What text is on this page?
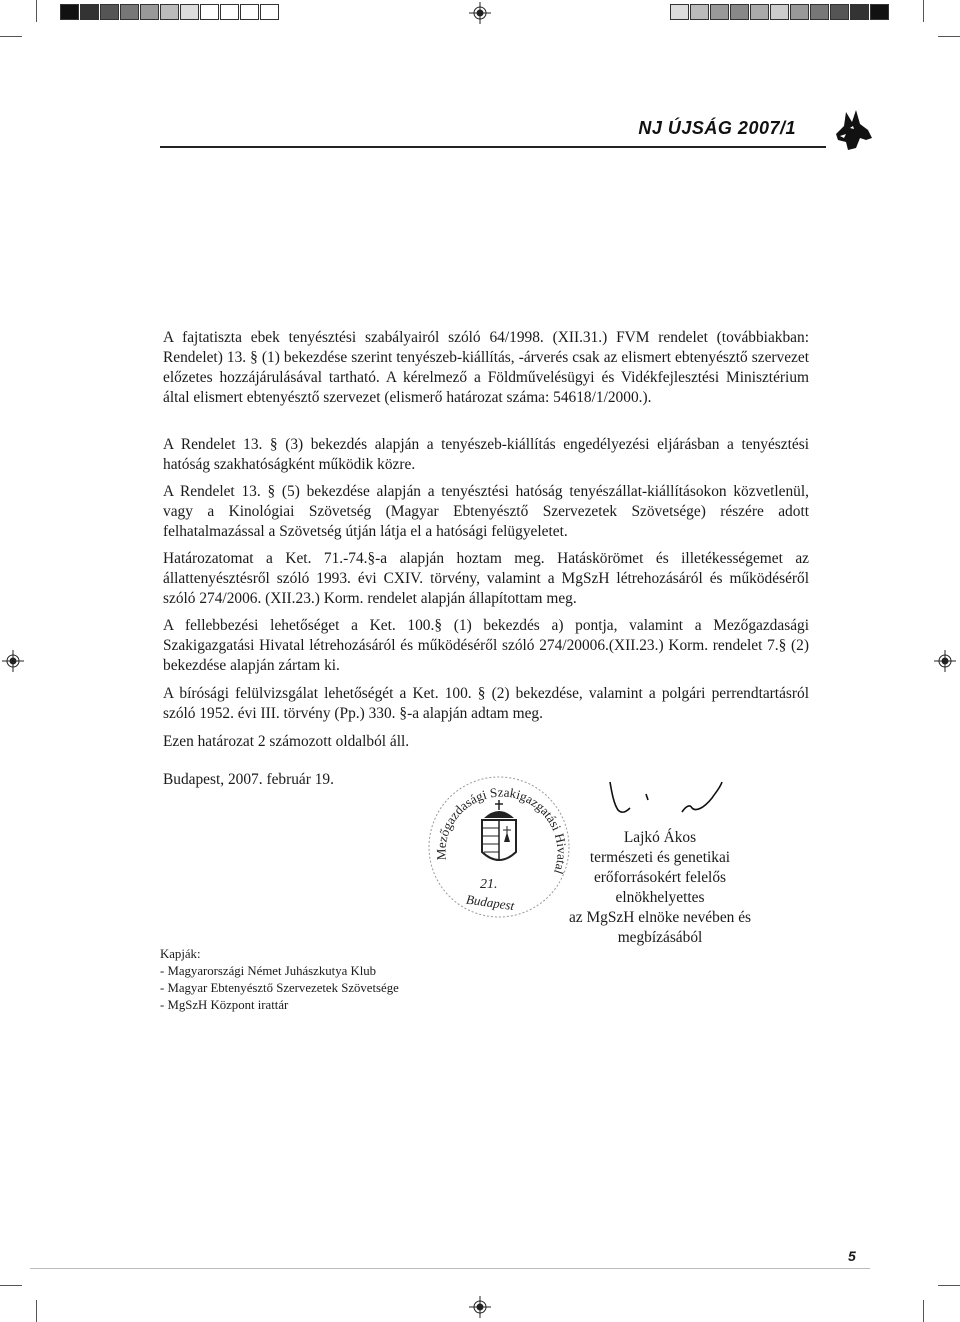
NJ ÚJSÁG 2007/1

A fajtatiszta ebek tenyésztési szabályairól szóló 64/1998. (XII.31.) FVM rendelet (továbbiakban: Rendelet) 13. § (1) bekezdése szerint tenyészeb-kiállítás, -árverés csak az elismert ebtenyésztő szervezet előzetes hozzájárulásával tartható. A kérelmező a Földművelésügyi és Vidékfejlesztési Minisztérium által elismert ebtenyésztő szervezet (elismerő határozat száma: 54618/1/2000.).

A Rendelet 13. § (3) bekezdés alapján a tenyészeb-kiállítás engedélyezési eljárásban a tenyésztési hatóság szakhatóságként működik közre.

A Rendelet 13. § (5) bekezdése alapján a tenyésztési hatóság tenyészállat-kiállításokon közvetlenül, vagy a Kinológiai Szövetség (Magyar Ebtenyésztő Szervezetek Szövetsége) részére adott felhatalmazással a Szövetség útján látja el a hatósági felügyeletet.

Határozatomat a Ket. 71.-74.§-a alapján hoztam meg. Hatáskörömet és illetékességemet az állattenyésztésről szóló 1993. évi CXIV. törvény, valamint a MgSzH létrehozásáról és működéséről szóló 274/2006. (XII.23.) Korm. rendelet alapján állapítottam meg.

A fellebbezési lehetőséget a Ket. 100.§ (1) bekezdés a) pontja, valamint a Mezőgazdasági Szakigazgatási Hivatal létrehozásáról és működéséről szóló 274/20006.(XII.23.) Korm. rendelet 7.§ (2) bekezdése alapján zártam ki.

A bírósági felülvizsgálat lehetőségét a Ket. 100. § (2) bekezdése, valamint a polgári perrendtartásról szóló 1952. évi III. törvény (Pp.) 330. §-a alapján adtam meg.

Ezen határozat 2 számozott oldalból áll.

Budapest, 2007. február 19.
Mezőgazdasági Szakigazgatási Hivatal
21.
Budapest
Lajkó Ákos
természeti és genetikai
erőforrásokért felelős
elnökhelyettes
az MgSzH elnöke nevében és
megbízásából
Kapják:
- Magyarországi Német Juhászkutya Klub
- Magyar Ebtenyésztő Szervezetek Szövetsége
- MgSzH Központ irattár
5
